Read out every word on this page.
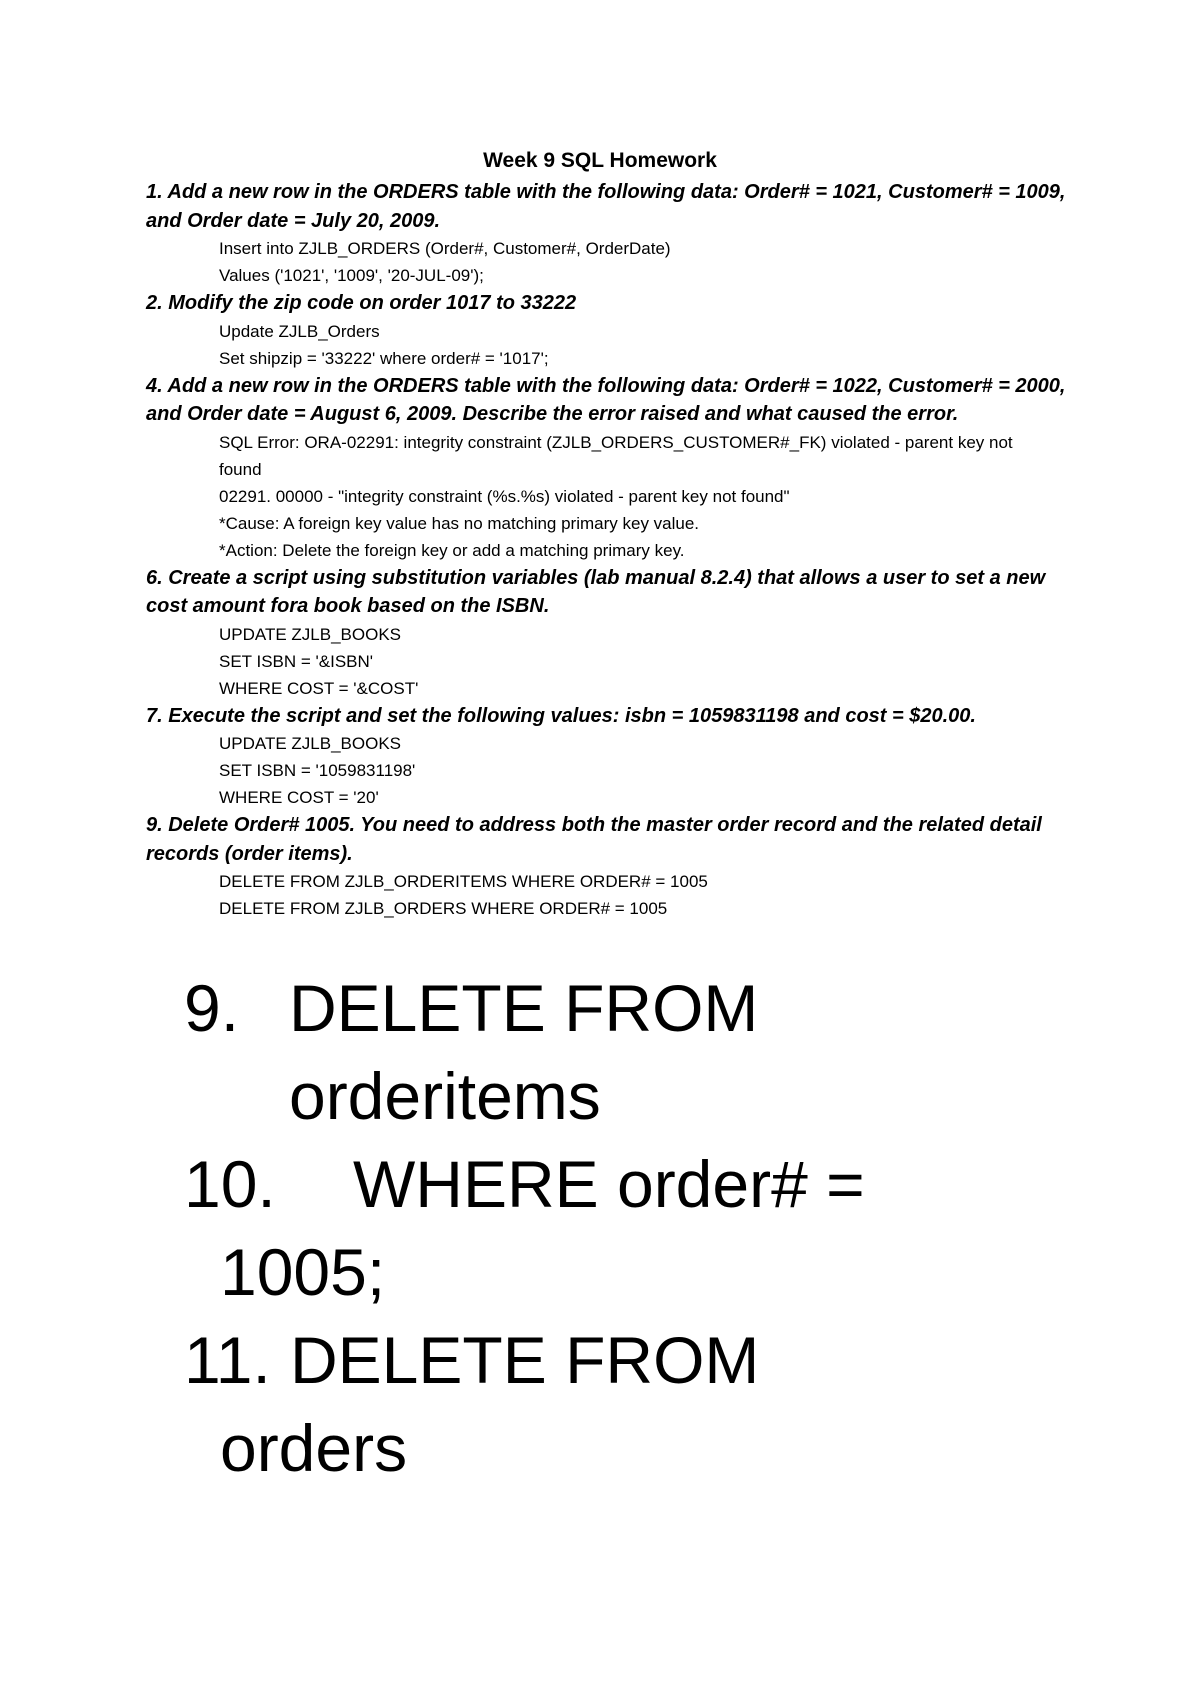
Week 9 SQL Homework
1. Add a new row in the ORDERS table with the following data: Order# = 1021, Customer# = 1009, and Order date = July 20, 2009.
Insert into ZJLB_ORDERS (Order#, Customer#, OrderDate)
Values ('1021', '1009', '20-JUL-09');
2. Modify the zip code on order 1017 to 33222
Update ZJLB_Orders
Set shipzip = '33222' where order# = '1017';
4. Add a new row in the ORDERS table with the following data: Order# = 1022, Customer# = 2000, and Order date = August 6, 2009. Describe the error raised and what caused the error.
SQL Error: ORA-02291: integrity constraint (ZJLB_ORDERS_CUSTOMER#_FK) violated - parent key not found
02291. 00000 - "integrity constraint (%s.%s) violated - parent key not found"
*Cause: A foreign key value has no matching primary key value.
*Action: Delete the foreign key or add a matching primary key.
6. Create a script using substitution variables (lab manual 8.2.4) that allows a user to set a new cost amount fora book based on the ISBN.
UPDATE ZJLB_BOOKS
SET ISBN = '&ISBN'
WHERE COST = '&COST'
7. Execute the script and set the following values: isbn = 1059831198 and cost = $20.00.
UPDATE ZJLB_BOOKS
SET ISBN = '1059831198'
WHERE COST = '20'
9. Delete Order# 1005. You need to address both the master order record and the related detail records (order items).
DELETE FROM ZJLB_ORDERITEMS WHERE ORDER# = 1005
DELETE FROM ZJLB_ORDERS WHERE ORDER# = 1005
9. DELETE FROM
orderitems
10. WHERE order# =
1005;
11. DELETE FROM
orders
